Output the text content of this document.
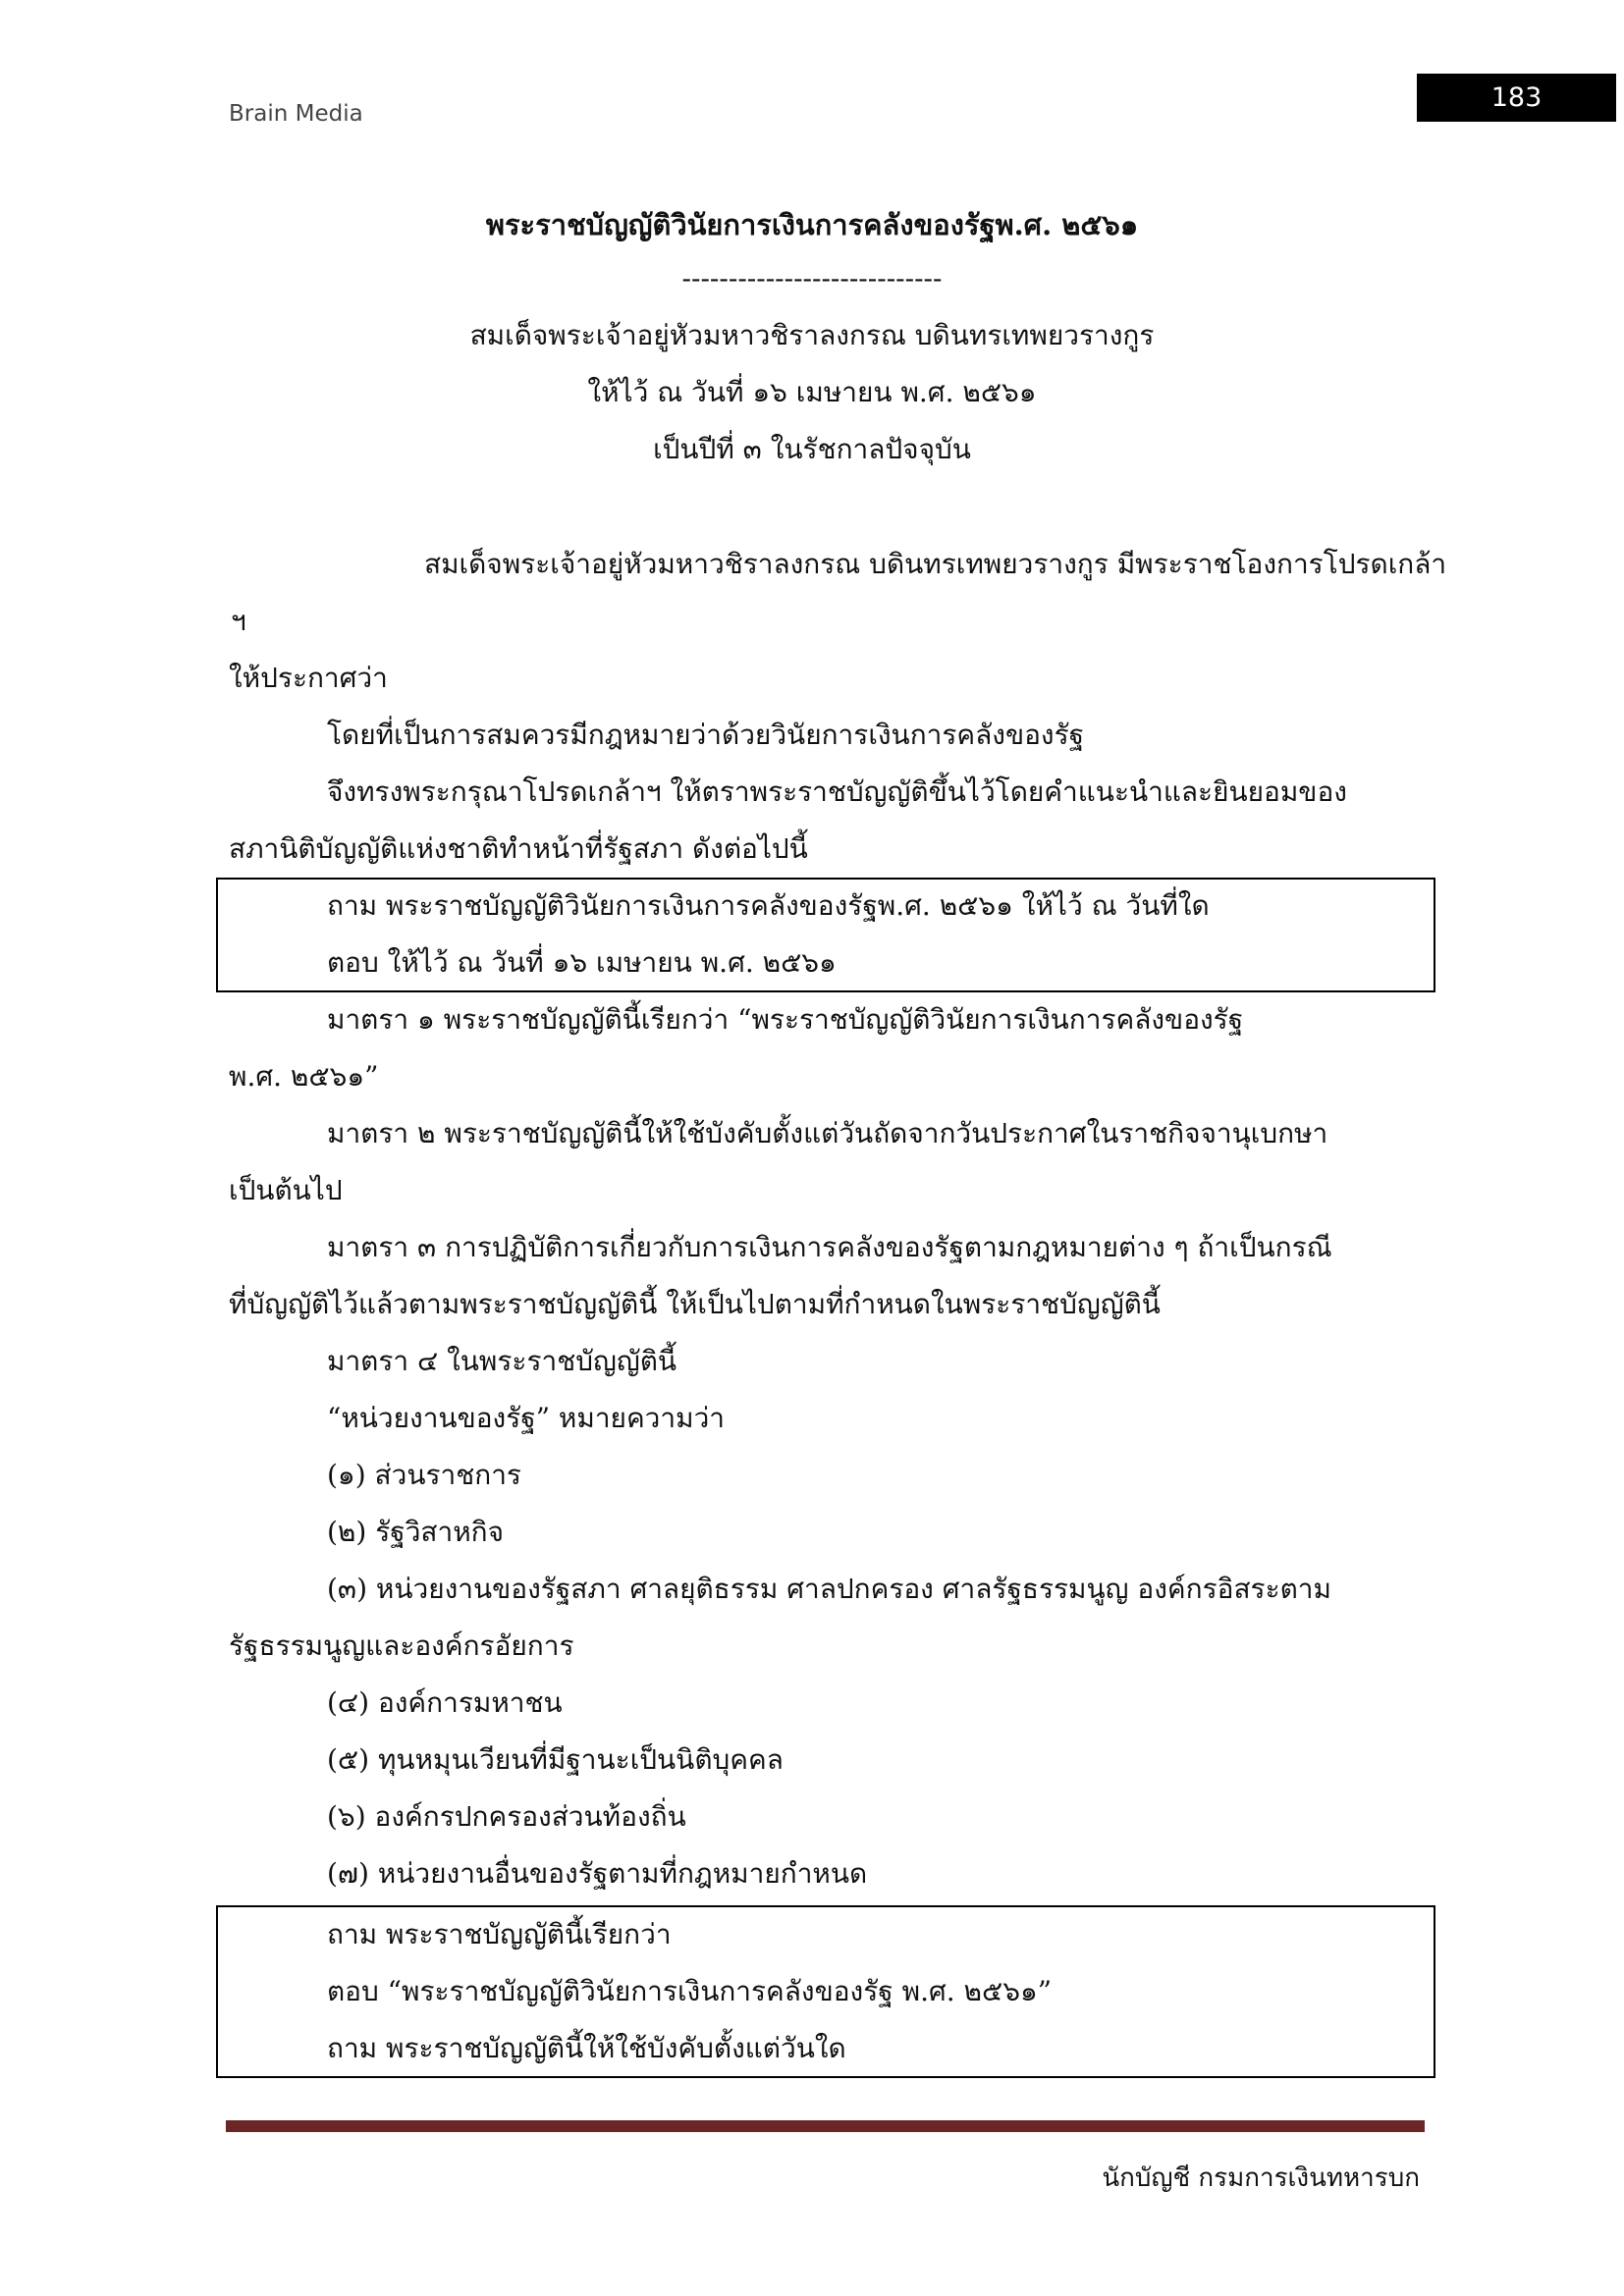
Brain Media
183
พระราชบัญญัติวินัยการเงินการคลังของรัฐพ.ศ. ๒๕๖๑
----------------------------
สมเด็จพระเจ้าอยู่หัวมหาวชิราลงกรณ บดินทรเทพยวรางกูร
ให้ไว้ ณ วันที่ ๑๖ เมษายน พ.ศ. ๒๕๖๑
เป็นปีที่ ๓ ในรัชกาลปัจจุบัน
สมเด็จพระเจ้าอยู่หัวมหาวชิราลงกรณ บดินทรเทพยวรางกูร มีพระราชโองการโปรดเกล้า
ฯ
ให้ประกาศว่า
โดยที่เป็นการสมควรมีกฎหมายว่าด้วยวินัยการเงินการคลังของรัฐ
จึงทรงพระกรุณาโปรดเกล้าฯ ให้ตราพระราชบัญญัติขึ้นไว้โดยคำแนะนำและยินยอมของ
สภานิติบัญญัติแห่งชาติทำหน้าที่รัฐสภา ดังต่อไปนี้
ถาม พระราชบัญญัติวินัยการเงินการคลังของรัฐพ.ศ. ๒๕๖๑ ให้ไว้ ณ วันที่ใด
ตอบ ให้ไว้ ณ วันที่ ๑๖ เมษายน พ.ศ. ๒๕๖๑
มาตรา ๑ พระราชบัญญัตินี้เรียกว่า “พระราชบัญญัติวินัยการเงินการคลังของรัฐ
พ.ศ. ๒๕๖๑”
มาตรา ๒ พระราชบัญญัตินี้ให้ใช้บังคับตั้งแต่วันถัดจากวันประกาศในราชกิจจานุเบกษา
เป็นต้นไป
มาตรา ๓ การปฏิบัติการเกี่ยวกับการเงินการคลังของรัฐตามกฎหมายต่าง ๆ ถ้าเป็นกรณี
ที่บัญญัติไว้แล้วตามพระราชบัญญัตินี้ ให้เป็นไปตามที่กำหนดในพระราชบัญญัตินี้
มาตรา ๔ ในพระราชบัญญัตินี้
“หน่วยงานของรัฐ” หมายความว่า
(๑) ส่วนราชการ
(๒) รัฐวิสาหกิจ
(๓) หน่วยงานของรัฐสภา ศาลยุติธรรม ศาลปกครอง ศาลรัฐธรรมนูญ องค์กรอิสระตาม
รัฐธรรมนูญและองค์กรอัยการ
(๔) องค์การมหาชน
(๕) ทุนหมุนเวียนที่มีฐานะเป็นนิติบุคคล
(๖) องค์กรปกครองส่วนท้องถิ่น
(๗) หน่วยงานอื่นของรัฐตามที่กฎหมายกำหนด
ถาม พระราชบัญญัตินี้เรียกว่า
ตอบ “พระราชบัญญัติวินัยการเงินการคลังของรัฐ พ.ศ. ๒๕๖๑”
ถาม พระราชบัญญัตินี้ให้ใช้บังคับตั้งแต่วันใด
นักบัญชี กรมการเงินทหารบก
